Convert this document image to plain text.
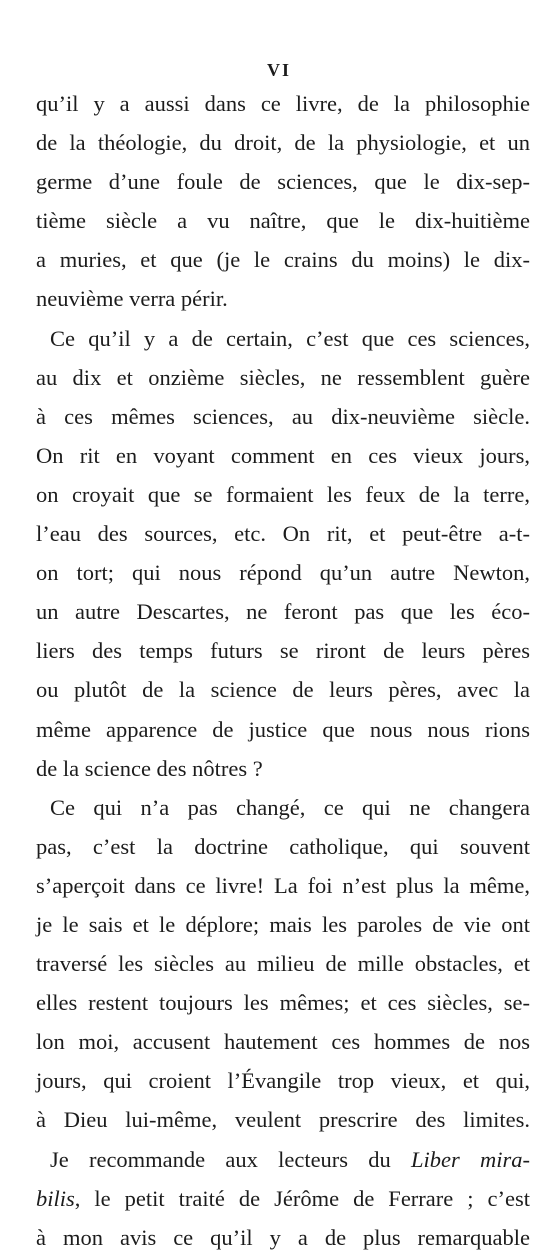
VI
qu’il y a aussi dans ce livre, de la philosophie
de la théologie, du droit, de la physiologie, et un
germe d’une foule de sciences, que le dix-sep-
tième siècle a vu naître, que le dix-huitième
a muries, et que (je le crains du moins) le dix-
neuvième verra périr.
Ce qu’il y a de certain, c’est que ces sciences,
au dix et onzième siècles, ne ressemblent guère
à ces mêmes sciences, au dix-neuvième siècle.
On rit en voyant comment en ces vieux jours,
on croyait que se formaient les feux de la terre,
l’eau des sources, etc. On rit, et peut-être a-t-
on tort; qui nous répond qu’un autre Newton,
un autre Descartes, ne feront pas que les éco-
liers des temps futurs se riront de leurs pères
ou plutôt de la science de leurs pères, avec la
même apparence de justice que nous nous rions
de la science des nôtres ?
Ce qui n’a pas changé, ce qui ne changera
pas, c’est la doctrine catholique, qui souvent
s’aperçoit dans ce livre! La foi n’est plus la même,
je le sais et le déplore; mais les paroles de vie ont
traversé les siècles au milieu de mille obstacles, et
elles restent toujours les mêmes; et ces siècles, se-
lon moi, accusent hautement ces hommes de nos
jours, qui croient l’Évangile trop vieux, et qui,
à Dieu lui-même, veulent prescrire des limites.
Je recommande aux lecteurs du Liber mira-
bilis, le petit traité de Jérôme de Ferrare ; c’est
à mon avis ce qu’il y a de plus remarquable
